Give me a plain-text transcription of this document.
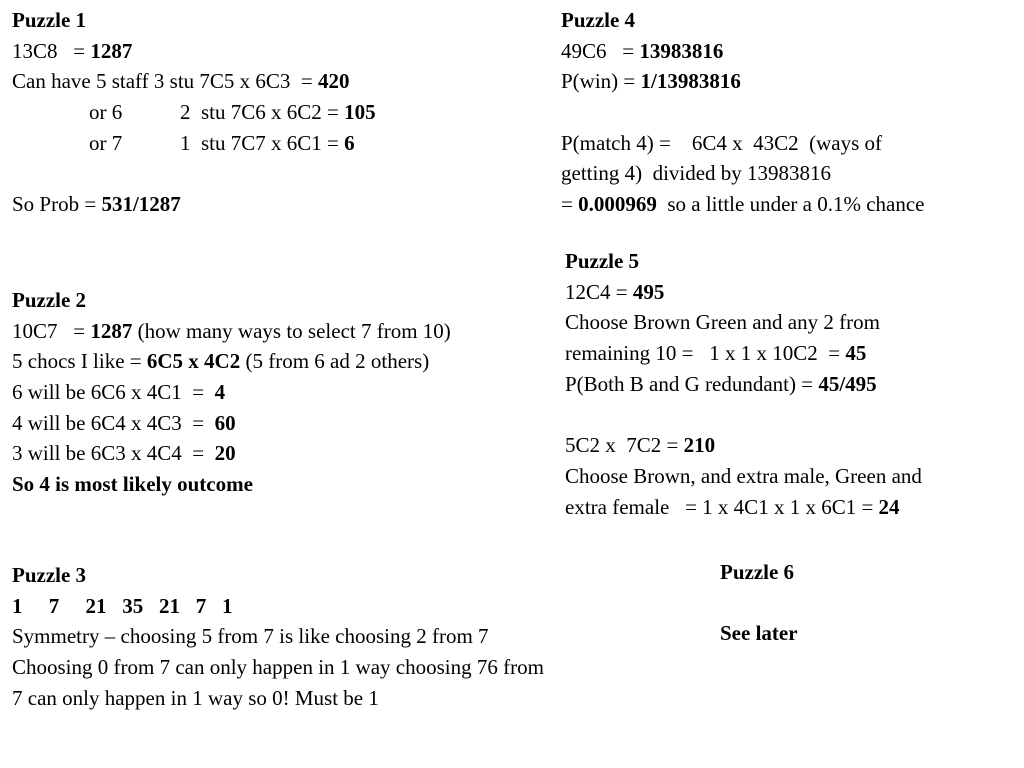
Puzzle 1
13C8   = 1287
Can have 5 staff 3 stu 7C5 x 6C3  = 420
or 6	2  stu 7C6 x 6C2 = 105
or 7	1  stu 7C7 x 6C1 = 6
So Prob = 531/1287
Puzzle 2
10C7   = 1287 (how many ways to select 7 from 10)
5 chocs I like = 6C5 x 4C2 (5 from 6 ad 2 others)
6 will be 6C6 x 4C1  =  4
4 will be 6C4 x 4C3  =  60
3 will be 6C3 x 4C4  =  20
So 4 is most likely outcome
Puzzle 3
1     7     21   35   21   7   1
Symmetry – choosing 5 from 7 is like choosing 2 from 7
Choosing 0 from 7 can only happen in 1 way choosing 76 from
7 can only happen in 1 way so 0! Must be 1
Puzzle 4
49C6   = 13983816
P(win) = 1/13983816
P(match 4) =    6C4 x  43C2  (ways of
getting 4)  divided by 13983816
= 0.000969  so a little under a 0.1% chance
Puzzle 5
12C4 = 495
Choose Brown Green and any 2 from
remaining 10 =   1 x 1 x 10C2  = 45
P(Both B and G redundant) = 45/495
5C2 x  7C2 = 210
Choose Brown, and extra male, Green and
extra female   = 1 x 4C1 x 1 x 6C1 = 24
Puzzle 6
See later
